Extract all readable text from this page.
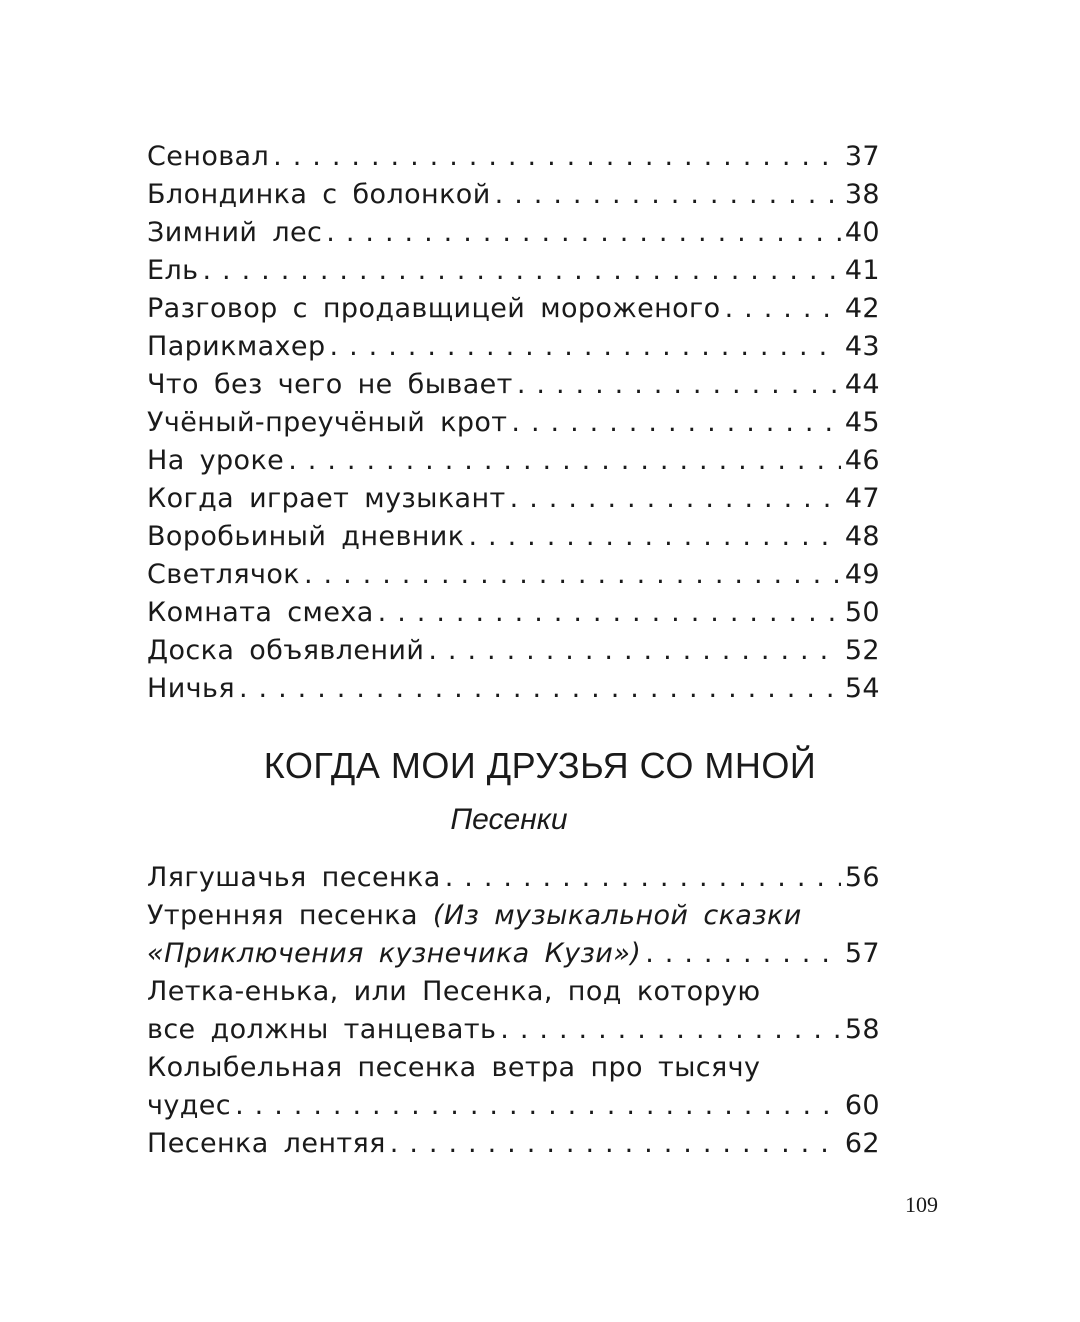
Сеновал . . .	37
Блондинка с болонкой . . .	38
Зимний лес . . .	40
Ель . . .	41
Разговор с продавщицей мороженого . . .	42
Парикмахер . . .	43
Что без чего не бывает . . .	44
Учёный-преучёный крот . . .	45
На уроке . . .	46
Когда играет музыкант . . .	47
Воробьиный дневник . . .	48
Светлячок . . .	49
Комната смеха . . .	50
Доска объявлений . . .	52
Ничья . . .	54
КОГДА МОИ ДРУЗЬЯ СО МНОЙ
Песенки
Лягушачья песенка . . .	56
Утренняя песенка (Из музыкальной сказки
«Приключения кузнечика Кузи») . . .	57
Летка-енька, или Песенка, под которую
все должны танцевать . . .	58
Колыбельная песенка ветра про тысячу
чудес . . .	60
Песенка лентяя . . .	62
109
